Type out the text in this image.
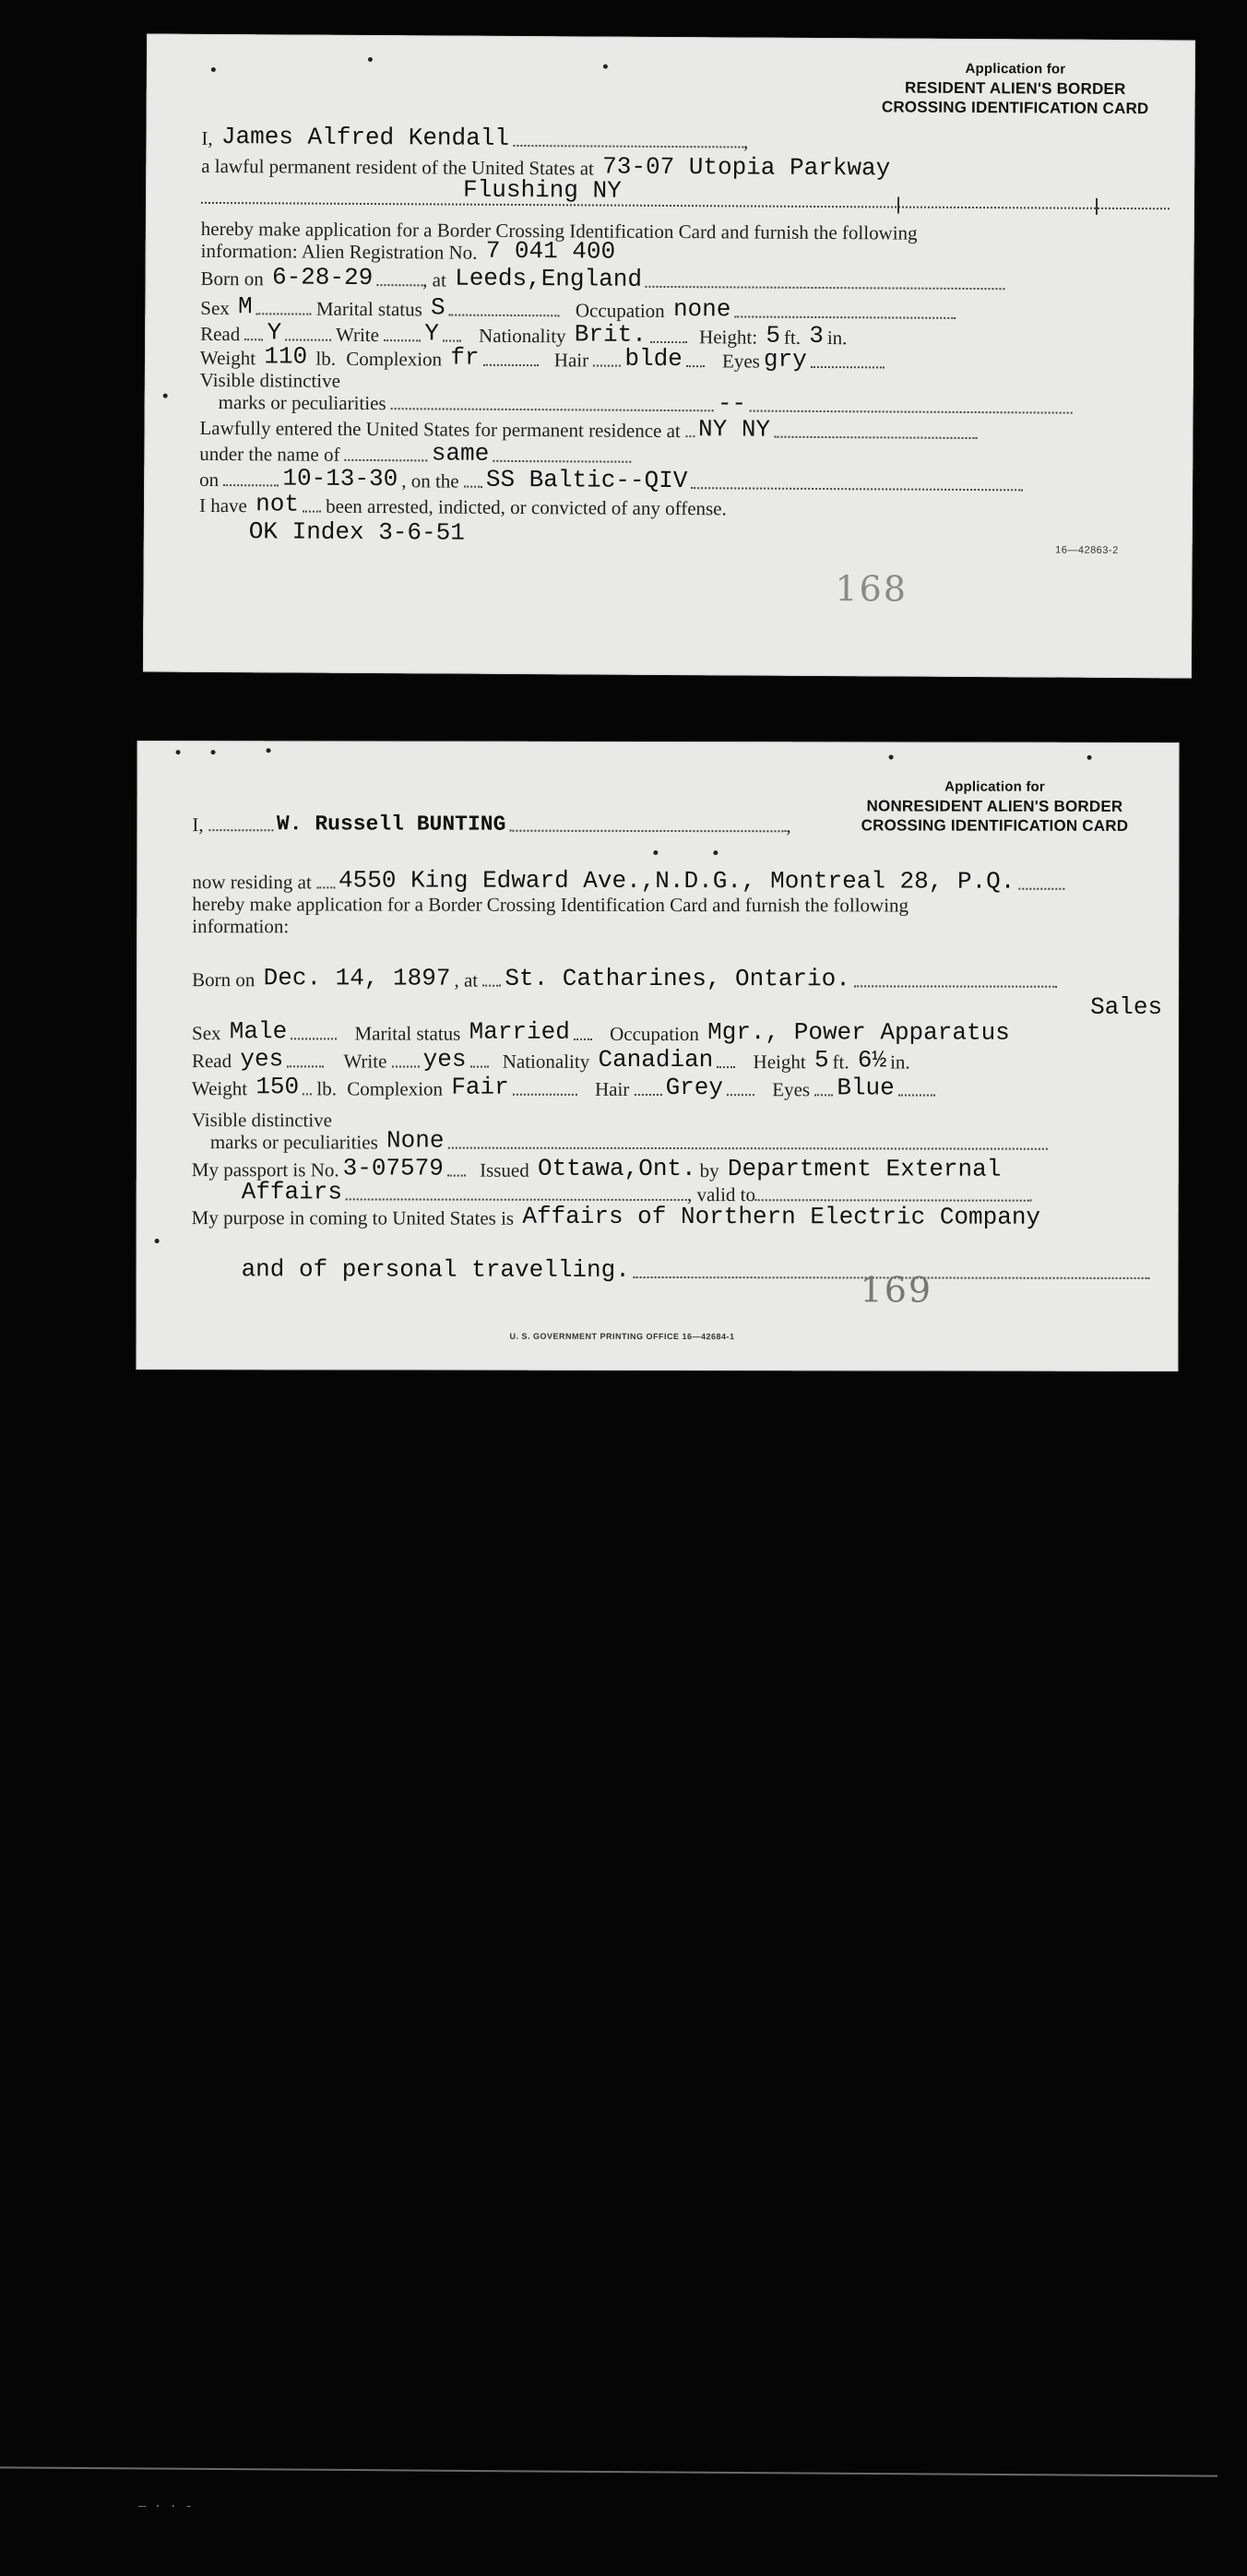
Application for
RESIDENT ALIEN'S BORDER
CROSSING IDENTIFICATION CARD
I, James Alfred Kendall	,
a lawful permanent resident of the United States at 73-07 Utopia Parkway
Flushing NY
hereby make application for a Border Crossing Identification Card and furnish the following
information: Alien Registration No. 7 041 400
Born on 6-28-29	, at Leeds,England
Sex M	Marital status S	Occupation none
Read Y	Write Y Nationality Brit.	Height: 5 ft. 3 in.
Weight 110 lb. Complexion fr	Hair blde Eyes gry
Visible distinctive
marks or peculiarities	--
Lawfully entered the United States for permanent residence at NY NY
under the name of	same
on	10-13-30 , on the SS Baltic--QIV
I have not been arrested, indicted, or convicted of any offense.
OK Index 3-6-51
16—42863-2
168
Application for
NONRESIDENT ALIEN'S BORDER
CROSSING IDENTIFICATION CARD
I,	W. Russell BUNTING	,
now residing at 4550 King Edward Ave.,N.D.G., Montreal 28, P.Q.
hereby make application for a Border Crossing Identification Card and furnish the following
information:
Born on Dec. 14, 1897 , at St. Catharines, Ontario.
Sales
Sex Male	Marital status Married Occupation Mgr., Power Apparatus
Read yes	Write yes Nationality Canadian Height 5 ft. 6½ in.
Weight 150 lb. Complexion Fair	Hair Grey	Eyes Blue
Visible distinctive
marks or peculiarities None
My passport is No. 3-07579 Issued Ottawa,Ont. by Department External
Affairs	, valid to
My purpose in coming to United States is Affairs of Northern Electric Company
and of personal travelling.	169
U. S. GOVERNMENT PRINTING OFFICE 16—42684-1
— · · -
